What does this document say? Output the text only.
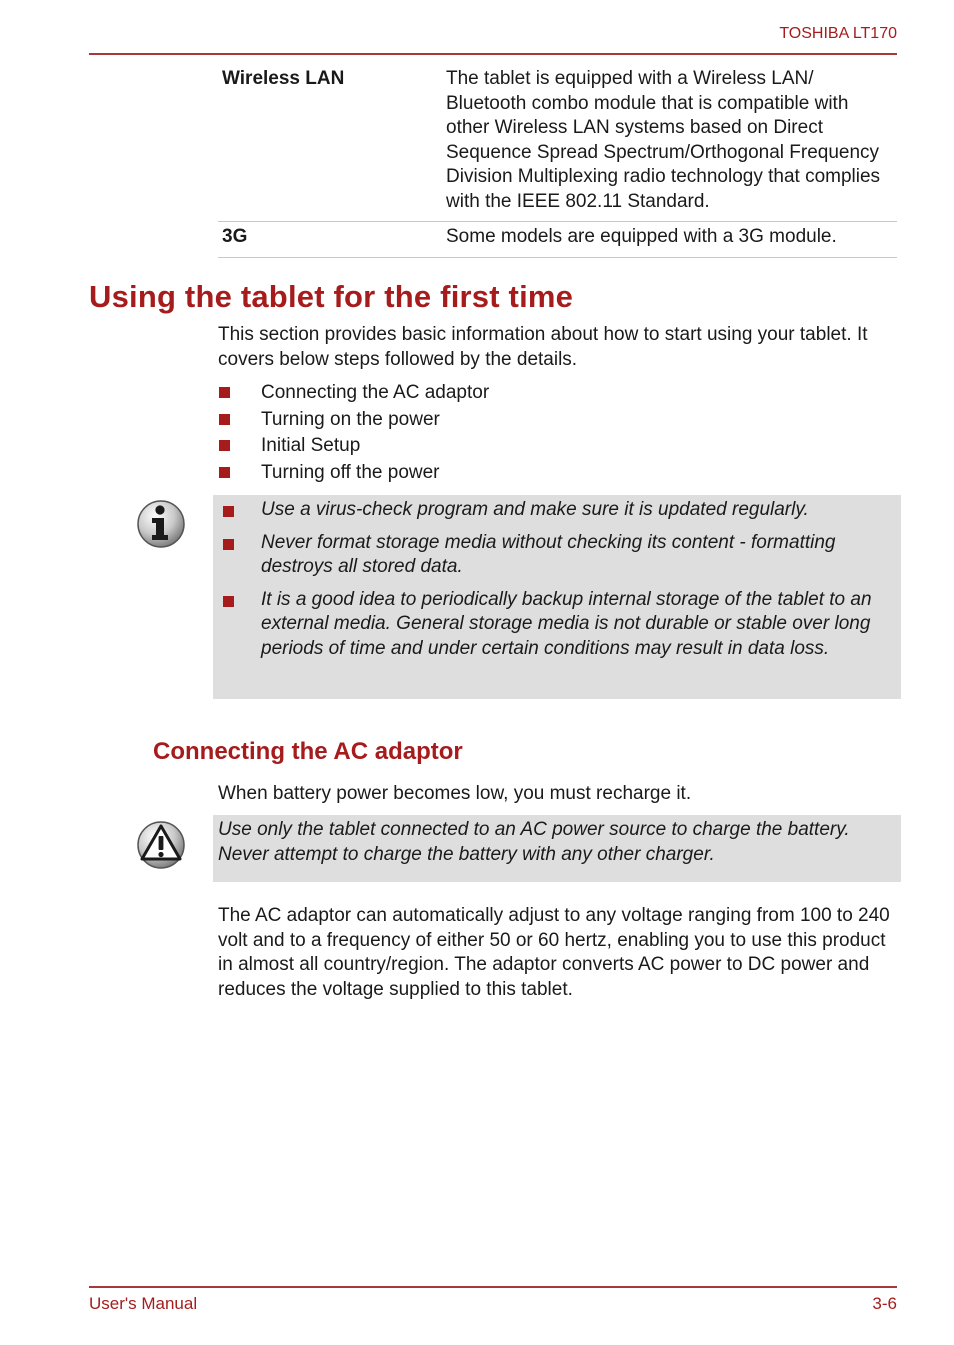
TOSHIBA LT170
Wireless LAN	The tablet is equipped with a Wireless LAN/ Bluetooth combo module that is compatible with other Wireless LAN systems based on Direct Sequence Spread Spectrum/Orthogonal Frequency Division Multiplexing radio technology that complies with the IEEE 802.11 Standard.
3G	Some models are equipped with a 3G module.
Using the tablet for the first time

This section provides basic information about how to start using your tablet. It covers below steps followed by the details.

Connecting the AC adaptor
Turning on the power
Initial Setup
Turning off the power
Use a virus-check program and make sure it is updated regularly.
Never format storage media without checking its content - formatting destroys all stored data.
It is a good idea to periodically backup internal storage of the tablet to an external media. General storage media is not durable or stable over long periods of time and under certain conditions may result in data loss.
Connecting the AC adaptor

When battery power becomes low, you must recharge it.

Use only the tablet connected to an AC power source to charge the battery. Never attempt to charge the battery with any other charger.

The AC adaptor can automatically adjust to any voltage ranging from 100 to 240 volt and to a frequency of either 50 or 60 hertz, enabling you to use this product in almost all country/region. The adaptor converts AC power to DC power and reduces the voltage supplied to this tablet.

User's Manual	3-6
